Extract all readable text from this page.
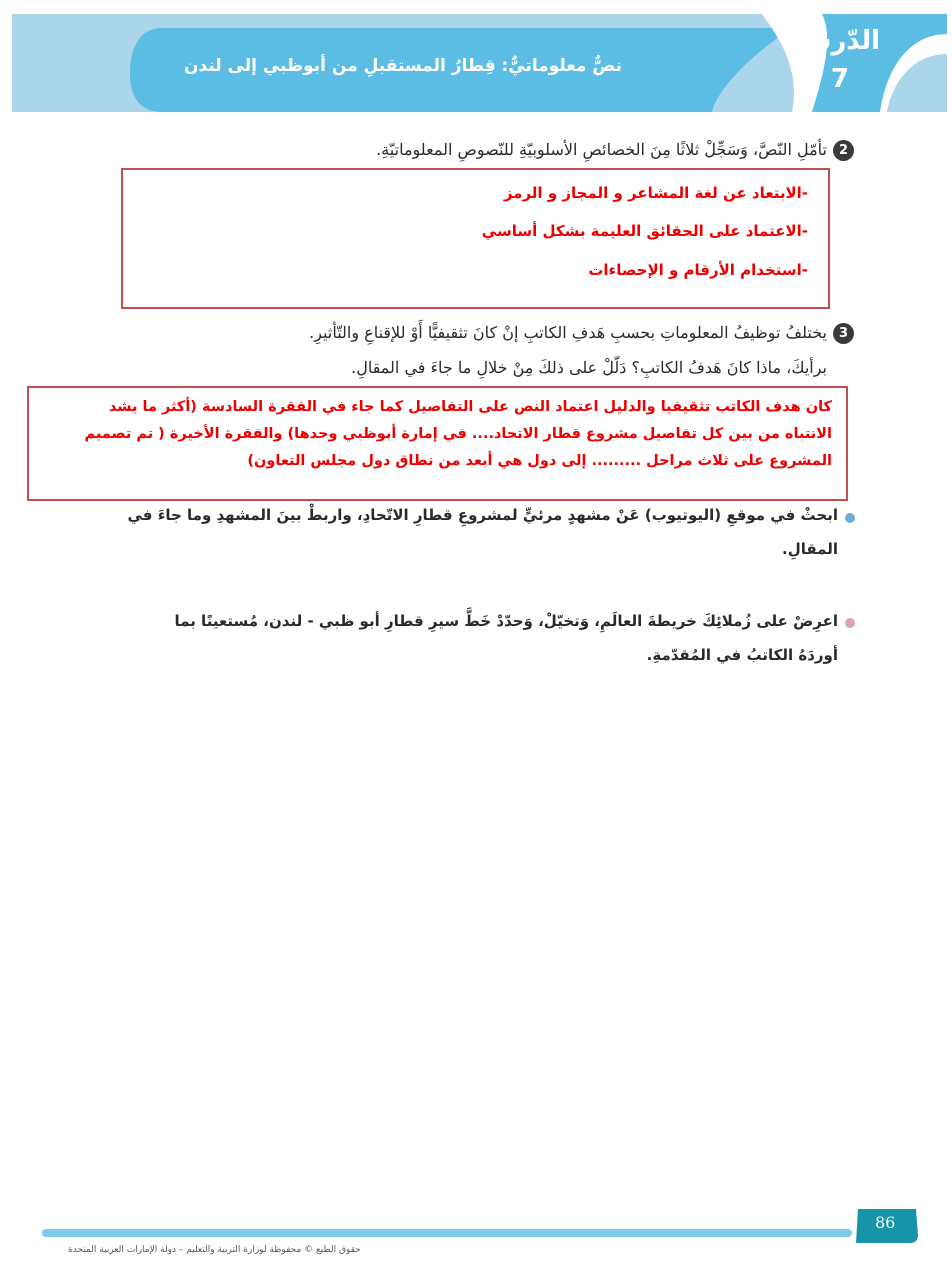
نصٌّ معلوماتيٌّ: قِطارُ المستقبلِ من أبوظبي إلى لندن
الدّرسُ
7
2
تأمّلِ النّصَّ، وَسَجِّلْ ثلاثًا مِنَ الخصائصِ الأسلوبيّةِ للنّصوصِ المعلوماتيّةِ.
-الابتعاد عن لغة المشاعر و المجاز و الرمز
-الاعتماد على الحقائق العليمة بشكل أساسي
-استخدام الأرقام و الإحصاءات
3
يختلفُ توظيفُ المعلوماتِ بحسبِ هَدفِ الكاتبِ إنْ كانَ تثقيفيًّا أَوْ للإقناعِ والتّأثيرِ.
برأيكَ، ماذا كانَ هَدفُ الكاتبِ؟ دَلّلْ على ذلكَ مِنْ خلالِ ما جاءَ في المقالِ.
كان هدف الكاتب تثقيفيا والدليل اعتماد النص على التفاصيل كما جاء في الفقرة السادسة (أكثر ما يشد
الانتباه من بين كل تفاصيل مشروع قطار الاتحاد.... في إمارة أبوظبي وحدها) والفقرة الأخيرة ( تم تصميم
المشروع على ثلاث مراحل ......... إلى دول هي أبعد من نطاق دول مجلس التعاون)
ابحثْ في موقعِ (اليوتيوب) عَنْ مشهدٍ مرئيٍّ لمشروعِ قطارِ الاتّحادِ، واربطْ بينَ المشهدِ وما جاءَ في
المقالِ.
اعرِضْ على زُملائِكَ خريطةَ العالَمِ، وَتخيّلْ، وَحدّدْ خَطَّ سيرِ قطارِ أبو ظبي - لندن، مُستعينًا بما
أوردَهُ الكاتبُ في المُقدّمةِ.
86
حقوق الطبع © محفوظة لوزارة التربية والتعليم – دولة الإمارات العربية المتحدة
